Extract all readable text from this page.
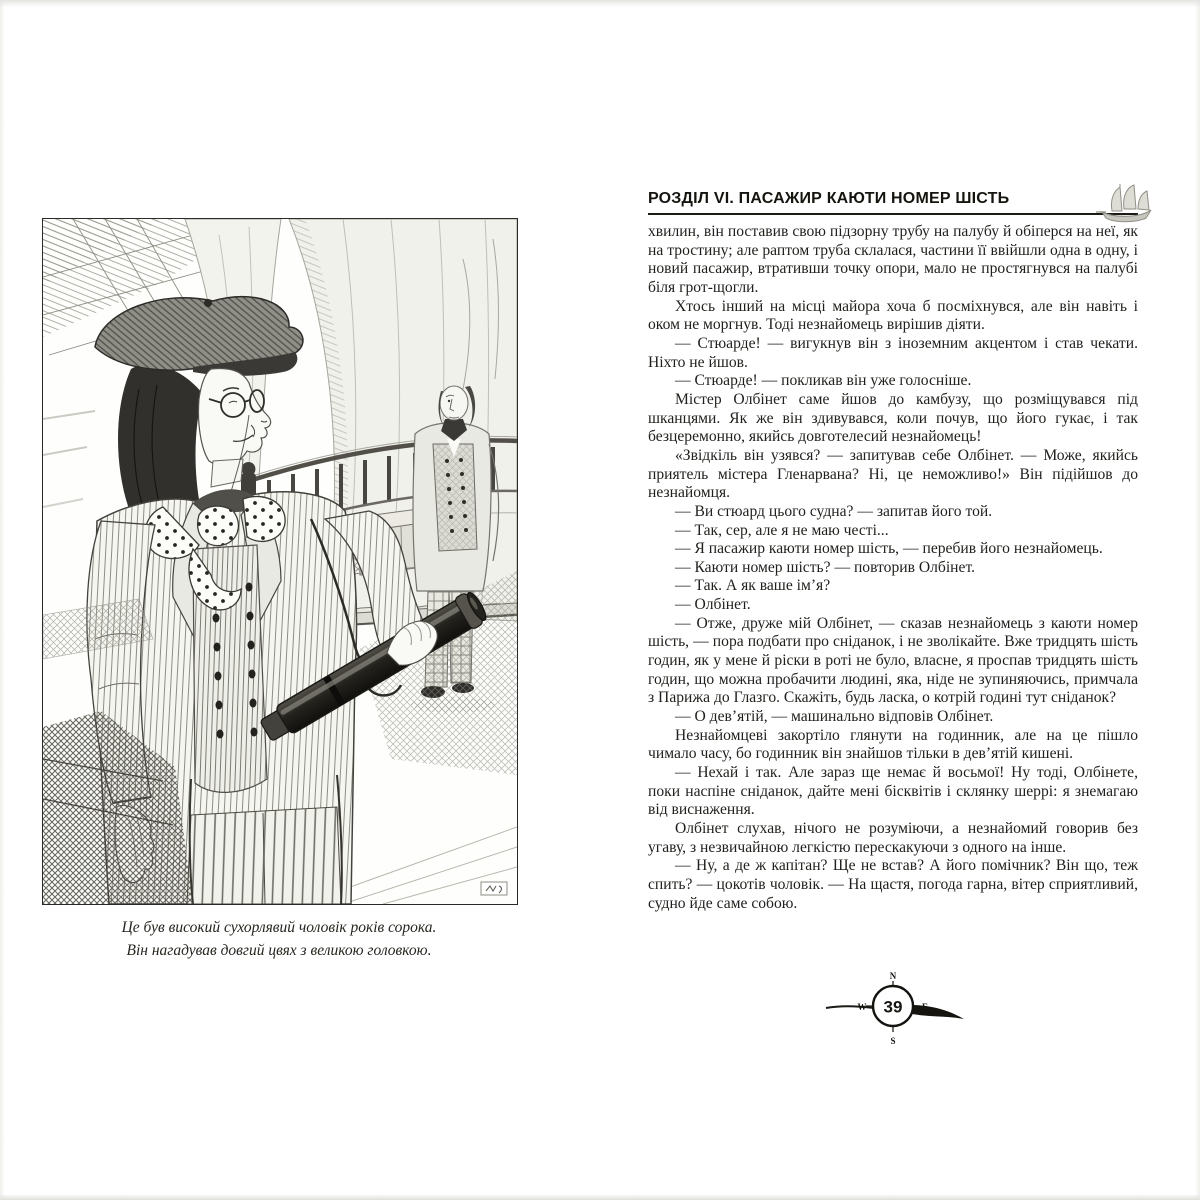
Це був високий сухорлявий чоловік років сорока.
Він нагадував довгий цвях з великою головкою.
РОЗДІЛ VI. ПАСАЖИР КАЮТИ НОМЕР ШІСТЬ

хвилин, він поставив свою підзорну трубу на палубу й обіперся на неї, як на тростину; але раптом труба склалася, частини її ввійшли одна в одну, і новий пасажир, втративши точку опори, мало не простягнувся на палубі біля грот-щогли.

Хтось інший на місці майора хоча б посміхнувся, але він навіть і оком не моргнув. Тоді незнайомець вирішив діяти.

— Стюарде! — вигукнув він з іноземним акцентом і став чекати. Ніхто не йшов.

— Стюарде! — покликав він уже голосніше.

Містер Олбінет саме йшов до камбузу, що розміщувався під шканцями. Як же він здивувався, коли почув, що його гукає, і так безцеремонно, якийсь довготелесий незнайомець!

«Звідкіль він узявся? — запитував себе Олбінет. — Може, якийсь приятель містера Гленарвана? Ні, це неможливо!» Він підійшов до незнайомця.

— Ви стюард цього судна? — запитав його той.

— Так, сер, але я не маю честі...

— Я пасажир каюти номер шість, — перебив його незнайомець.

— Каюти номер шість? — повторив Олбінет.

— Так. А як ваше ім’я?

— Олбінет.

— Отже, друже мій Олбінет, — сказав незнайомець з каюти номер шість, — пора подбати про сніданок, і не зволікайте. Вже тридцять шість годин, як у мене й ріски в роті не було, власне, я проспав тридцять шість годин, що можна пробачити людині, яка, ніде не зупиняючись, примчала з Парижа до Глазго. Скажіть, будь ласка, о котрій годині тут сніданок?

— О дев’ятій, — машинально відповів Олбінет.

Незнайомцеві закортіло глянути на годинник, але на це пішло чимало часу, бо годинник він знайшов тільки в дев’ятій кишені.

— Нехай і так. Але зараз ще немає й восьмої! Ну тоді, Олбінете, поки наспіне сніданок, дайте мені бісквітів і склянку шеррі: я знемагаю від виснаження.

Олбінет слухав, нічого не розуміючи, а незнайомий говорив без угаву, з незвичайною легкістю перескакуючи з одного на інше.

— Ну, а де ж капітан? Ще не встав? А його помічник? Він що, теж спить? — цокотів чоловік. — На щастя, погода гарна, вітер сприятливий, судно йде саме собою.

N
S
W	E
39
